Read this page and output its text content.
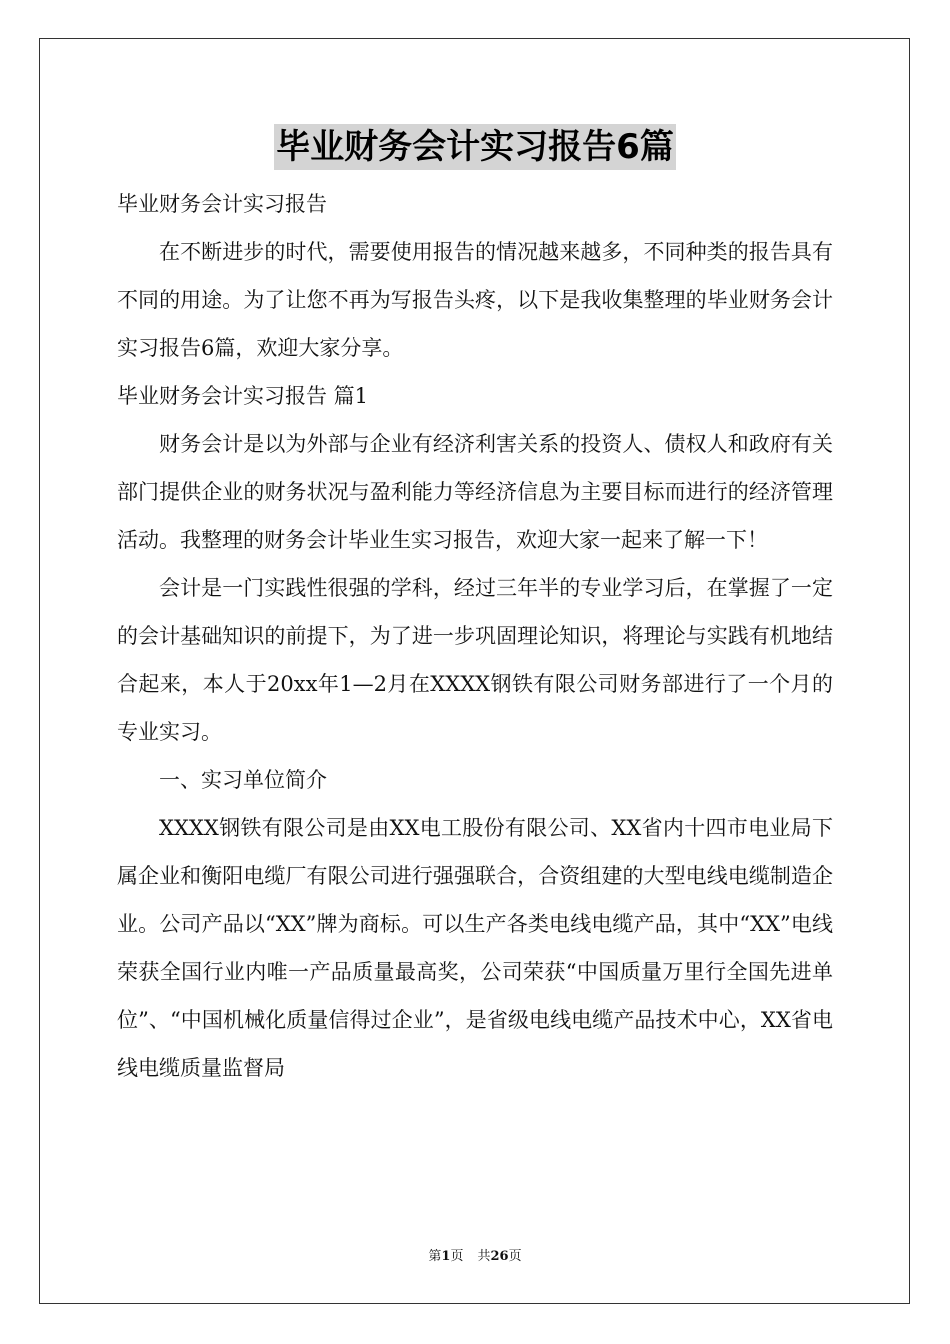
毕业财务会计实习报告6篇

毕业财务会计实习报告

在不断进步的时代，需要使用报告的情况越来越多，不同种类的报告具有不同的用途。为了让您不再为写报告头疼，以下是我收集整理的毕业财务会计实习报告6篇，欢迎大家分享。

毕业财务会计实习报告 篇1

财务会计是以为外部与企业有经济利害关系的投资人、债权人和政府有关部门提供企业的财务状况与盈利能力等经济信息为主要目标而进行的经济管理活动。我整理的财务会计毕业生实习报告，欢迎大家一起来了解一下！

会计是一门实践性很强的学科，经过三年半的专业学习后，在掌握了一定的会计基础知识的前提下，为了进一步巩固理论知识，将理论与实践有机地结合起来，本人于20xx年1—2月在XXXX钢铁有限公司财务部进行了一个月的专业实习。

一、实习单位简介

XXXX钢铁有限公司是由XX电工股份有限公司、XX省内十四市电业局下属企业和衡阳电缆厂有限公司进行强强联合，合资组建的大型电线电缆制造企业。公司产品以“XX”牌为商标。可以生产各类电线电缆产品，其中“XX”电线荣获全国行业内唯一产品质量最高奖，公司荣获“中国质量万里行全国先进单位”、“中国机械化质量信得过企业”，是省级电线电缆产品技术中心，XX省电线电缆质量监督局

第1页 共26页
